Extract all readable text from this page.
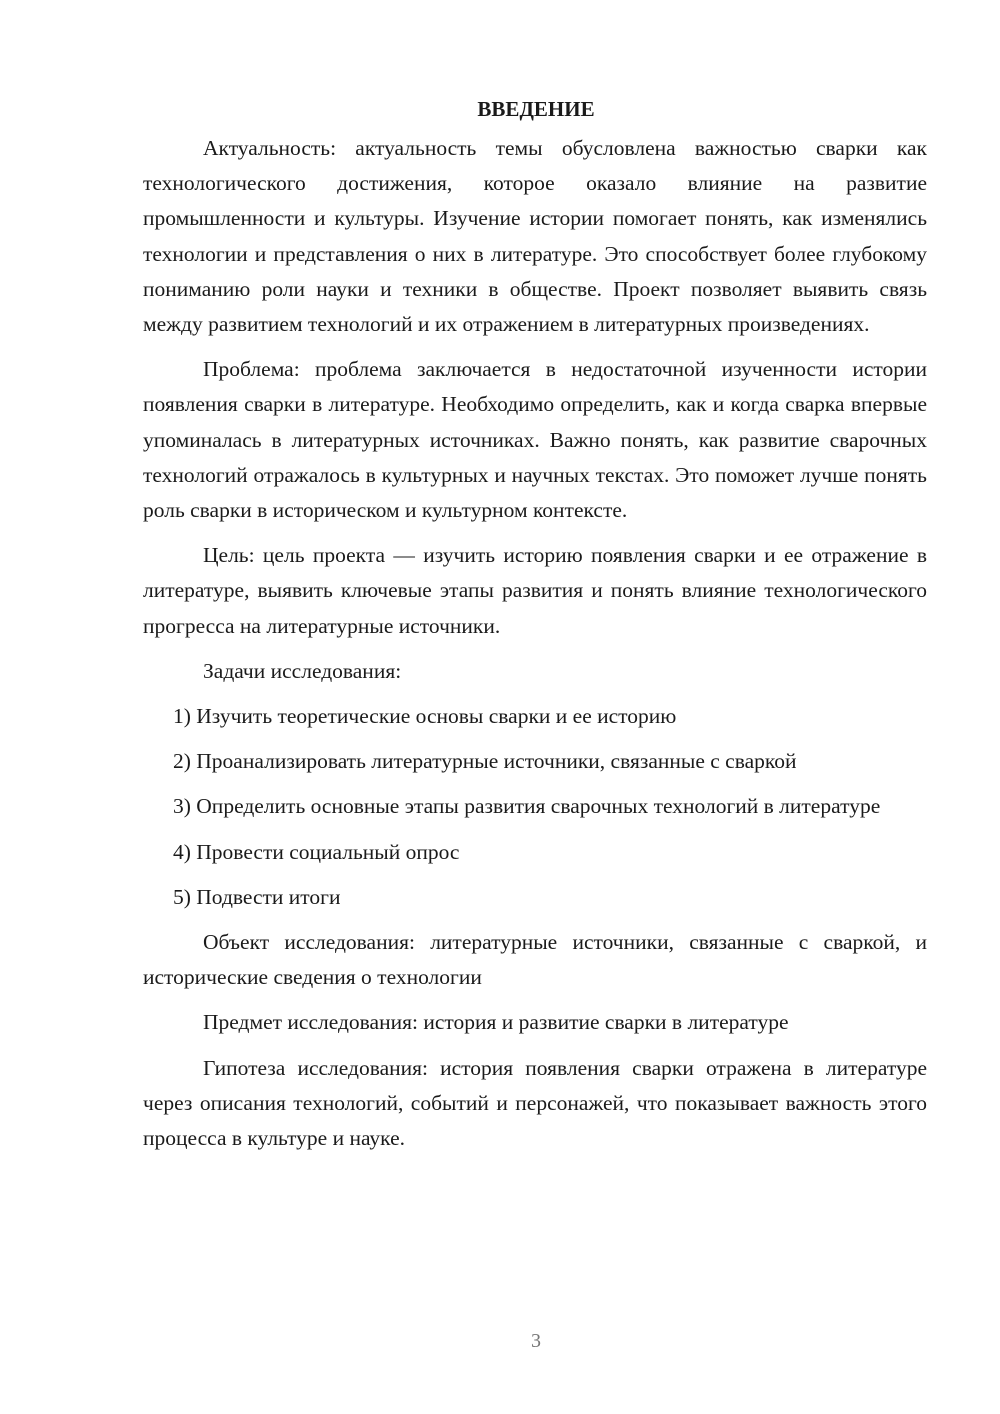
ВВЕДЕНИЕ

Актуальность: актуальность темы обусловлена важностью сварки как технологического достижения, которое оказало влияние на развитие промышленности и культуры. Изучение истории помогает понять, как изменялись технологии и представления о них в литературе. Это способствует более глубокому пониманию роли науки и техники в обществе. Проект позволяет выявить связь между развитием технологий и их отражением в литературных произведениях.

Проблема: проблема заключается в недостаточной изученности истории появления сварки в литературе. Необходимо определить, как и когда сварка впервые упоминалась в литературных источниках. Важно понять, как развитие сварочных технологий отражалось в культурных и научных текстах. Это поможет лучше понять роль сварки в историческом и культурном контексте.

Цель: цель проекта — изучить историю появления сварки и ее отражение в литературе, выявить ключевые этапы развития и понять влияние технологического прогресса на литературные источники.

Задачи исследования:

1) Изучить теоретические основы сварки и ее историю

2) Проанализировать литературные источники, связанные с сваркой

3) Определить основные этапы развития сварочных технологий в литературе

4) Провести социальный опрос

5) Подвести итоги

Объект исследования: литературные источники, связанные с сваркой, и исторические сведения о технологии

Предмет исследования: история и развитие сварки в литературе

Гипотеза исследования: история появления сварки отражена в литературе через описания технологий, событий и персонажей, что показывает важность этого процесса в культуре и науке.

3
